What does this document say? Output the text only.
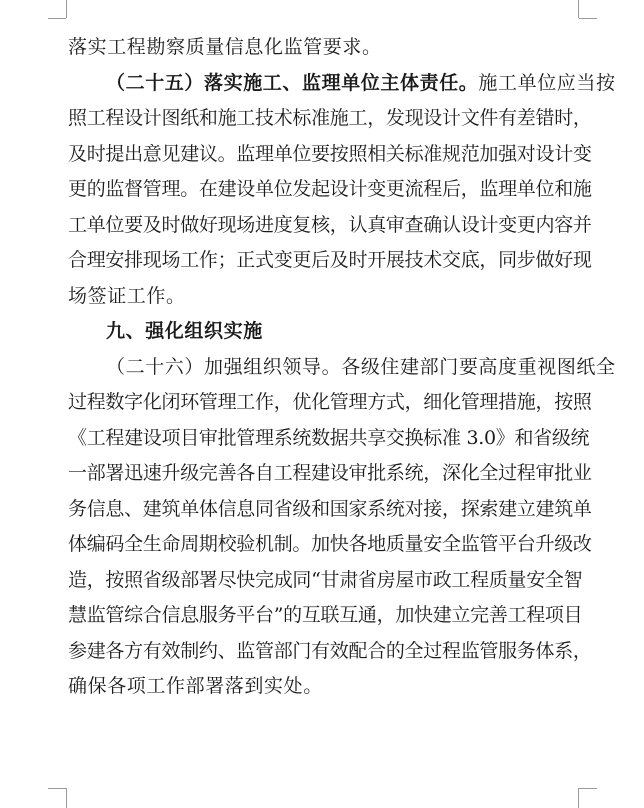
落实工程勘察质量信息化监管要求。
（二十五）落实施工、监理单位主体责任。施工单位应当按
照工程设计图纸和施工技术标准施工，发现设计文件有差错时，
及时提出意见建议。监理单位要按照相关标准规范加强对设计变
更的监督管理。在建设单位发起设计变更流程后，监理单位和施
工单位要及时做好现场进度复核，认真审查确认设计变更内容并
合理安排现场工作；正式变更后及时开展技术交底，同步做好现
场签证工作。
九、强化组织实施
（二十六）加强组织领导。各级住建部门要高度重视图纸全
过程数字化闭环管理工作，优化管理方式，细化管理措施，按照
《工程建设项目审批管理系统数据共享交换标准 3.0》和省级统
一部署迅速升级完善各自工程建设审批系统，深化全过程审批业
务信息、建筑单体信息同省级和国家系统对接，探索建立建筑单
体编码全生命周期校验机制。加快各地质量安全监管平台升级改
造，按照省级部署尽快完成同“甘肃省房屋市政工程质量安全智
慧监管综合信息服务平台”的互联互通，加快建立完善工程项目
参建各方有效制约、监管部门有效配合的全过程监管服务体系，
确保各项工作部署落到实处。
